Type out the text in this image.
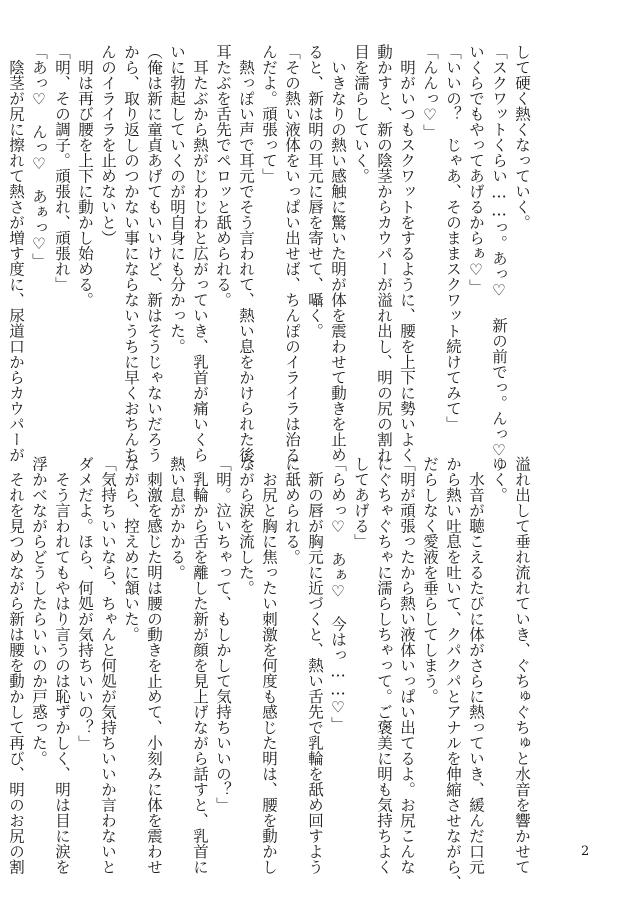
して硬く熱くなっていく。
「スクワットくらい……っ。あっ♡ 新の前でっ。んっ♡
いくらでもやってあげるからぁ♡」
「いいの？　じゃあ、そのままスクワット続けてみて」
「んんっ♡」
　明がいつもスクワットをするように、腰を上下に勢いよく
動かすと、新の陰茎からカウパーが溢れ出し、明の尻の割れ
目を濡らしていく。
　いきなりの熱い感触に驚いた明が体を震わせて動きを止め
ると、新は明の耳元に唇を寄せて、囁く。
「その熱い液体をいっぱい出せば、ちんぽのイライラは治る
んだよ。頑張って」
　熱っぽい声で耳元でそう言われて、熱い息をかけられた後、
耳たぶを舌先でペロッと舐められる。
　耳たぶから熱がじわじわと広がっていき、乳首が痛いくら
いに勃起していくのが明自身にも分かった。
（俺は新に童貞あげてもいいけど、新はそうじゃないだろう
から、取り返しのつかない事にならないうちに早くおちんち
んのイライラを止めないと）
　明は再び腰を上下に動かし始める。
「明、その調子。頑張れ、頑張れ」
「あっ♡　んっ♡　あぁっ♡」
　陰茎が尻に擦れて熱さが増す度に、尿道口からカウパーが
溢れ出して垂れ流れていき、ぐちゅぐちゅと水音を響かせて
ゆく。
　水音が聴こえるたびに体がさらに熱っていき、緩んだ口元
から熱い吐息を吐いて、クパクパとアナルを伸縮させながら、
だらしなく愛液を垂らしてしまう。
「明が頑張ったから熱い液体いっぱい出てるよ。お尻こんな
にぐちゃぐちゃに濡らしちゃって。ご褒美に明も気持ちよく
してあげる」
「らめっ♡　あぁ♡　今はっ……♡」
　新の唇が胸元に近づくと、熱い舌先で乳輪を舐め回すよう
に舐められる。
　お尻と胸に焦ったい刺激を何度も感じた明は、腰を動かし
ながら涙を流した。
「明。泣いちゃって、もしかして気持ちいいの？」
　乳輪から舌を離した新が顔を見上げながら話すと、乳首に
熱い息がかかる。
　刺激を感じた明は腰の動きを止めて、小刻みに体を震わせ
ながら、控えめに頷いた。
「気持ちいいなら、ちゃんと何処が気持ちいいか言わないと
ダメだよ。ほら、何処が気持ちいいの？」
　そう言われてもやはり言うのは恥ずかしく、明は目に涙を
浮かべながらどうしたらいいのか戸惑った。
　それを見つめながら新は腰を動かして再び、明のお尻の割	2
